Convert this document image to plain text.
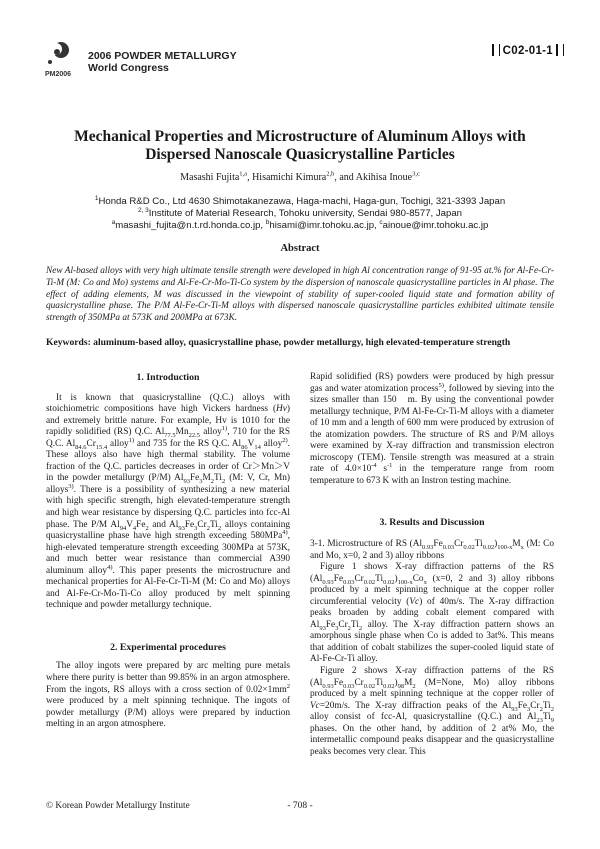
PM2006
2006 POWDER METALLURGY
World Congress
C02-01-1
Mechanical Properties and Microstructure of Aluminum Alloys with
Dispersed Nanoscale Quasicrystalline Particles
Masashi Fujita$^{1,a}$, Hisamichi Kimura$^{2,b}$, and Akihisa Inoue$^{3,c}$
$^1$Honda R&D Co., Ltd 4630 Shimotakanezawa, Haga-machi, Haga-gun, Tochigi, 321-3393 Japan
$^{2, 3}$Institute of Material Research, Tohoku university, Sendai 980-8577, Japan
$^a$masashi_fujita@n.t.rd.honda.co.jp, $^b$hisami@imr.tohoku.ac.jp, $^c$ainoue@imr.tohoku.ac.jp
Abstract
New Al-based alloys with very high ultimate tensile strength were developed in high Al concentration range of 91-95 at.% for Al-Fe-Cr-Ti-M (M: Co and Mo) systems and Al-Fe-Cr-Mo-Ti-Co system by the dispersion of nanoscale quasicrystalline particles in Al phase. The effect of adding elements, M was discussed in the viewpoint of stability of super-cooled liquid state and formation ability of quasicrystalline phase. The P/M Al-Fe-Cr-Ti-M alloys with dispersed nanoscale quasicrystalline particles exhibited ultimate tensile strength of 350MPa at 573K and 200MPa at 673K.
Keywords: aluminum-based alloy, quasicrystalline phase, powder metallurgy, high elevated-temperature strength

1. Introduction

It is known that quasicrystalline (Q.C.) alloys with stoichiometric compositions have high Vickers hardness (Hv) and extremely brittle nature. For example, Hv is 1010 for the rapidly solidified (RS) Q.C. $Al_{77.5}Mn_{22.5}$ alloy$^{1)}$, 710 for the RS Q.C. $Al_{84.6}Cr_{15.4}$ alloy$^{1)}$ and 735 for the RS Q.C. $Al_{86}V_{14}$ alloy$^{2)}$. These alloys also have high thermal stability. The volume fraction of the Q.C. particles decreases in order of Cr＞Mn＞V in the powder metallurgy (P/M) $Al_{93}Fe_3M_2Ti_2$ (M: V, Cr, Mn) alloys$^{3)}$. There is a possibility of synthesizing a new material with high specific strength, high elevated-temperature strength and high wear resistance by dispersing Q.C. particles into fcc-Al phase. The P/M $Al_{94}V_4Fe_2$ and $Al_{93}Fe_3Cr_2Ti_2$ alloys containing quasicrystalline phase have high strength exceeding 580MPa$^{4)}$, high-elevated temperature strength exceeding 300MPa at 573K, and much better wear resistance than commercial A390 aluminum alloy$^{4)}$. This paper presents the microstructure and mechanical properties for Al-Fe-Cr-Ti-M (M: Co and Mo) alloys and Al-Fe-Cr-Mo-Ti-Co alloy produced by melt spinning technique and powder metallurgy technique.

2. Experimental procedures

The alloy ingots were prepared by arc melting pure metals where there purity is better than 99.85% in an argon atmosphere. From the ingots, RS alloys with a cross section of $0.02\times 1mm^2$ were produced by a melt spinning technique. The ingots of powder metallurgy (P/M) alloys were prepared by induction melting in an argon atmosphere.

Rapid solidified (RS) powders were produced by high pressur gas and water atomization process$^{5)}$, followed by sieving into the sizes smaller than 150   m. By using the conventional powder metallurgy technique, P/M Al-Fe-Cr-Ti-M alloys with a diameter of 10 mm and a length of 600 mm were produced by extrusion of the atomization powders. The structure of RS and P/M alloys were examined by X-ray diffraction and transmission electron microscopy (TEM). Tensile strength was measured at a strain rate of $4.0\times 10^{-4}$ $s^{-1}$ in the temperature range from room temperature to 673 K with an Instron testing machine.

3. Results and Discussion

3-1. Microstructure of RS $(Al_{0.93}Fe_{0.03}Cr_{0.02}Ti_{0.02})_{100-x}M_x$ (M: Co and Mo, x=0, 2 and 3) alloy ribbons

Figure 1 shows X-ray diffraction patterns of the RS $(Al_{0.93}Fe_{0.03}Cr_{0.02}Ti_{0.02})_{100-x}Co_x$ (x=0, 2 and 3) alloy ribbons produced by a melt spinning technique at the copper roller circumferential velocity (Vc) of 40m/s. The X-ray diffraction peaks broaden by adding cobalt element compared with $Al_{93}Fe_3Cr_2Ti_2$ alloy. The X-ray diffraction pattern shows an amorphous single phase when Co is added to 3at%. This means that addition of cobalt stabilizes the super-cooled liquid state of Al-Fe-Cr-Ti alloy.

Figure 2 shows X-ray diffraction patterns of the RS $(Al_{0.93}Fe_{0.03}Cr_{0.02}Ti_{0.02})_{98}M_2$ (M=None, Mo) alloy ribbons produced by a melt spinning technique at the copper roller of Vc=20m/s. The X-ray diffraction peaks of the $Al_{93}Fe_3Cr_2Ti_2$ alloy consist of fcc-Al, quasicrystalline (Q.C.) and $Al_{23}Ti_9$ phases. On the other hand, by addition of 2 at% Mo, the intermetallic compound peaks disappear and the quasicrystalline peaks becomes very clear. This

© Korean Powder Metallurgy Institute	- 708 -
